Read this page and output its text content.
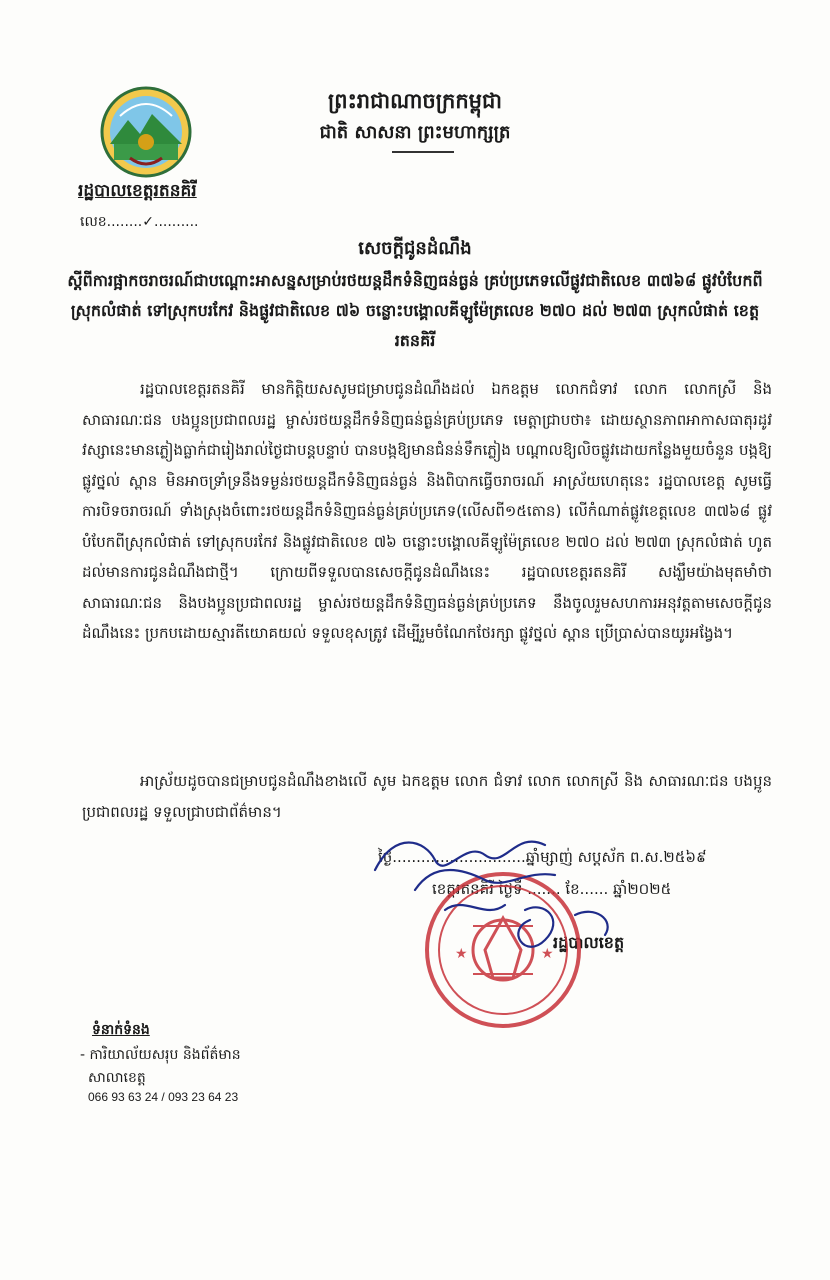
ព្រះរាជាណាចក្រកម្ពុជា
ជាតិ សាសនា ព្រះមហាក្សត្រ
រដ្ឋបាលខេត្តរតនគិរី
លេខ........✓..........
សេចក្តីជូនដំណឹង
ស្តីពីការផ្អាកចរាចរណ៍ជាបណ្តោះអាសន្នសម្រាប់រថយន្តដឹកទំនិញធន់ធ្ងន់ គ្រប់ប្រភេទលើផ្លូវជាតិលេខ ៣៧៦៨ ផ្លូវបំបែកពីស្រុកលំផាត់ ទៅស្រុកបរកែវ និងផ្លូវជាតិលេខ ៧៦ ចន្លោះបង្គោលគីឡូម៉ែត្រលេខ ២៧០ ដល់ ២៧៣ ស្រុកលំផាត់ ខេត្តរតនគិរី
រដ្ឋបាលខេត្តរតនគិរី មានកិត្តិយសសូមជម្រាបជូនដំណឹងដល់ ឯកឧត្តម លោកជំទាវ លោក លោកស្រី និងសាធារណៈជន បងប្អូនប្រជាពលរដ្ឋ ម្ចាស់រថយន្តដឹកទំនិញធន់ធ្ងន់គ្រប់ប្រភេទ មេត្តាជ្រាបថា៖ ដោយស្ថានភាពអាកាសធាតុរដូវវស្សានេះមានភ្លៀងធ្លាក់ជារៀងរាល់ថ្ងៃជាបន្តបន្ទាប់ បានបង្កឱ្យមានជំនន់ទឹកភ្លៀង បណ្តាលឱ្យលិចផ្លូវដោយកន្លែងមួយចំនួន បង្កឱ្យ ផ្លូវថ្នល់ ស្ពាន មិនអាចទ្រាំទ្រនឹងទម្ងន់រថយន្តដឹកទំនិញធន់ធ្ងន់ និងពិបាកធ្វើចរាចរណ៍ អាស្រ័យហេតុនេះ រដ្ឋបាលខេត្ត សូមធ្វើការបិទចរាចរណ៍ ទាំងស្រុងចំពោះរថយន្តដឹកទំនិញធន់ធ្ងន់គ្រប់ប្រភេទ(លើសពី១៥តោន) លើកំណាត់ផ្លូវខេត្តលេខ ៣៧៦៨ ផ្លូវបំបែកពីស្រុកលំផាត់ ទៅស្រុកបរកែវ និងផ្លូវជាតិលេខ ៧៦ ចន្លោះបង្គោលគីឡូម៉ែត្រលេខ ២៧០ ដល់ ២៧៣ ស្រុកលំផាត់ ហូតដល់មានការជូនដំណឹងជាថ្មី។ ក្រោយពីទទួលបានសេចក្តីជូនដំណឹងនេះ រដ្ឋបាលខេត្តរតនគិរី សង្ឃឹមយ៉ាងមុតមាំថា សាធារណៈជន និងបងប្អូនប្រជាពលរដ្ឋ ម្ចាស់រថយន្តដឹកទំនិញធន់ធ្ងន់គ្រប់ប្រភេទ នឹងចូលរួមសហការអនុវត្តតាមសេចក្តីជូនដំណឹងនេះ ប្រកបដោយស្មារតីយោគយល់ ទទួលខុសត្រូវ ដើម្បីរួមចំណែកថែរក្សា ផ្លូវថ្នល់ ស្ពាន ប្រើប្រាស់បានយូរអង្វែង។
អាស្រ័យដូចបានជម្រាបជូនដំណឹងខាងលើ សូម ឯកឧត្តម លោក ជំទាវ លោក លោកស្រី និង សាធារណៈជន បងប្អូនប្រជាពលរដ្ឋ ទទួលជ្រាបជាព័ត៌មាន។
ថ្ងៃ............................ឆ្នាំម្សាញ់ សប្តស័ក ព.ស.២៥៦៩
ខេត្តរតនគិរី ថ្ងៃទី ....... ខែ...... ឆ្នាំ២០២៥
រដ្ឋបាលខេត្ត
★	★
ទំនាក់ទំនង
- ការិយាល័យសរុប និងព័ត៌មាន
សាលាខេត្ត
066 93 63 24 / 093 23 64 23
